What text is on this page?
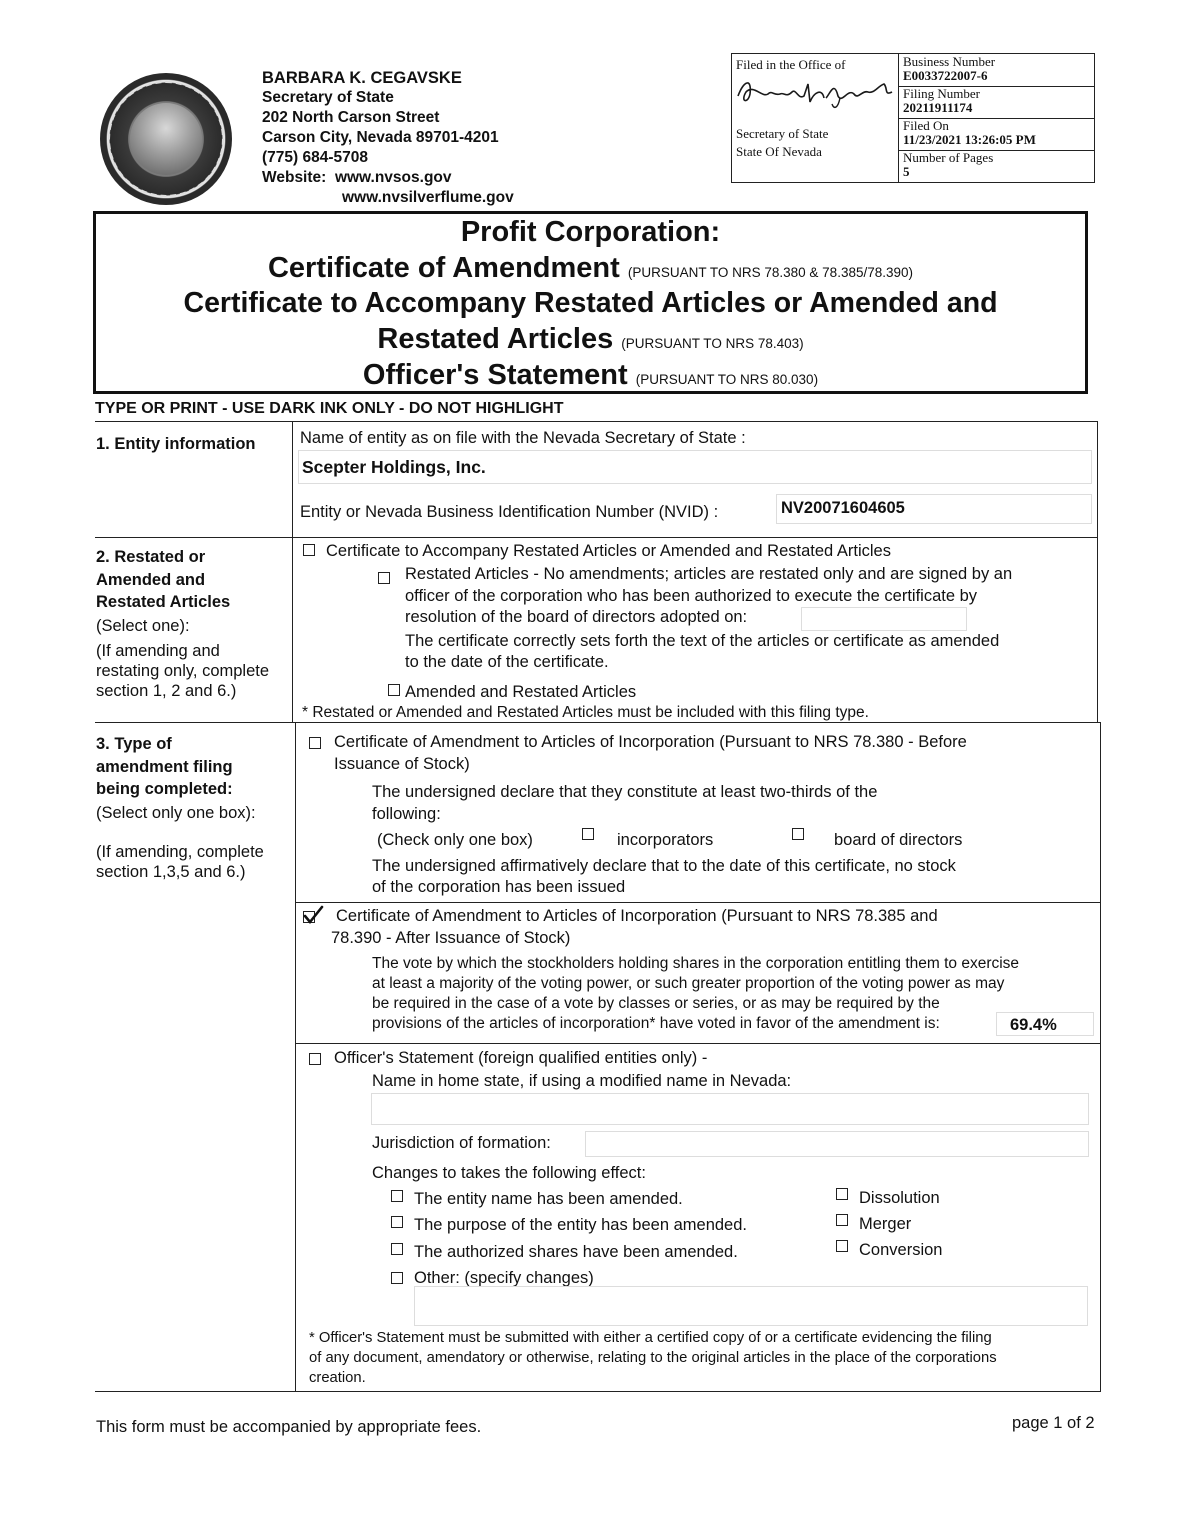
BARBARA K. CEGAVSKE
Secretary of State
202 North Carson Street
Carson City, Nevada 89701-4201
(775) 684-5708
Website: www.nvsos.gov
www.nvsilverflume.gov
Filed in the Office of
Secretary of State
State Of Nevada
Business Number
E0033722007-6
Filing Number
20211911174
Filed On
11/23/2021 13:26:05 PM
Number of Pages
5
Profit Corporation:
Certificate of Amendment (PURSUANT TO NRS 78.380 & 78.385/78.390)
Certificate to Accompany Restated Articles or Amended and
Restated Articles (PURSUANT TO NRS 78.403)
Officer's Statement (PURSUANT TO NRS 80.030)
TYPE OR PRINT - USE DARK INK ONLY - DO NOT HIGHLIGHT
1. Entity information	Name of entity as on file with the Nevada Secretary of State :
Scepter Holdings, Inc.
Entity or Nevada Business Identification Number (NVID) :	NV20071604605
2. Restated or
Amended and
Restated Articles
(Select one):
(If amending and
restating only, complete
section 1, 2 and 6.)
Certificate to Accompany Restated Articles or Amended and Restated Articles
Restated Articles - No amendments; articles are restated only and are signed by an
officer of the corporation who has been authorized to execute the certificate by
resolution of the board of directors adopted on:
The certificate correctly sets forth the text of the articles or certificate as amended
to the date of the certificate.
Amended and Restated Articles
* Restated or Amended and Restated Articles must be included with this filing type.
3. Type of
amendment filing
being completed:
(Select only one box):
(If amending, complete
section 1,3,5 and 6.)
Certificate of Amendment to Articles of Incorporation (Pursuant to NRS 78.380 - Before
Issuance of Stock)
The undersigned declare that they constitute at least two-thirds of the
following:
(Check only one box)	incorporators	board of directors
The undersigned affirmatively declare that to the date of this certificate, no stock
of the corporation has been issued
Certificate of Amendment to Articles of Incorporation (Pursuant to NRS 78.385 and
78.390 - After Issuance of Stock)
The vote by which the stockholders holding shares in the corporation entitling them to exercise
at least a majority of the voting power, or such greater proportion of the voting power as may
be required in the case of a vote by classes or series, or as may be required by the
provisions of the articles of incorporation* have voted in favor of the amendment is:	69.4%
Officer's Statement (foreign qualified entities only) -
Name in home state, if using a modified name in Nevada:
Jurisdiction of formation:
Changes to takes the following effect:
The entity name has been amended.
The purpose of the entity has been amended.
The authorized shares have been amended.
Other: (specify changes)
Dissolution
Merger
Conversion
* Officer's Statement must be submitted with either a certified copy of or a certificate evidencing the filing
of any document, amendatory or otherwise, relating to the original articles in the place of the corporations
creation.
This form must be accompanied by appropriate fees.	page 1 of 2
